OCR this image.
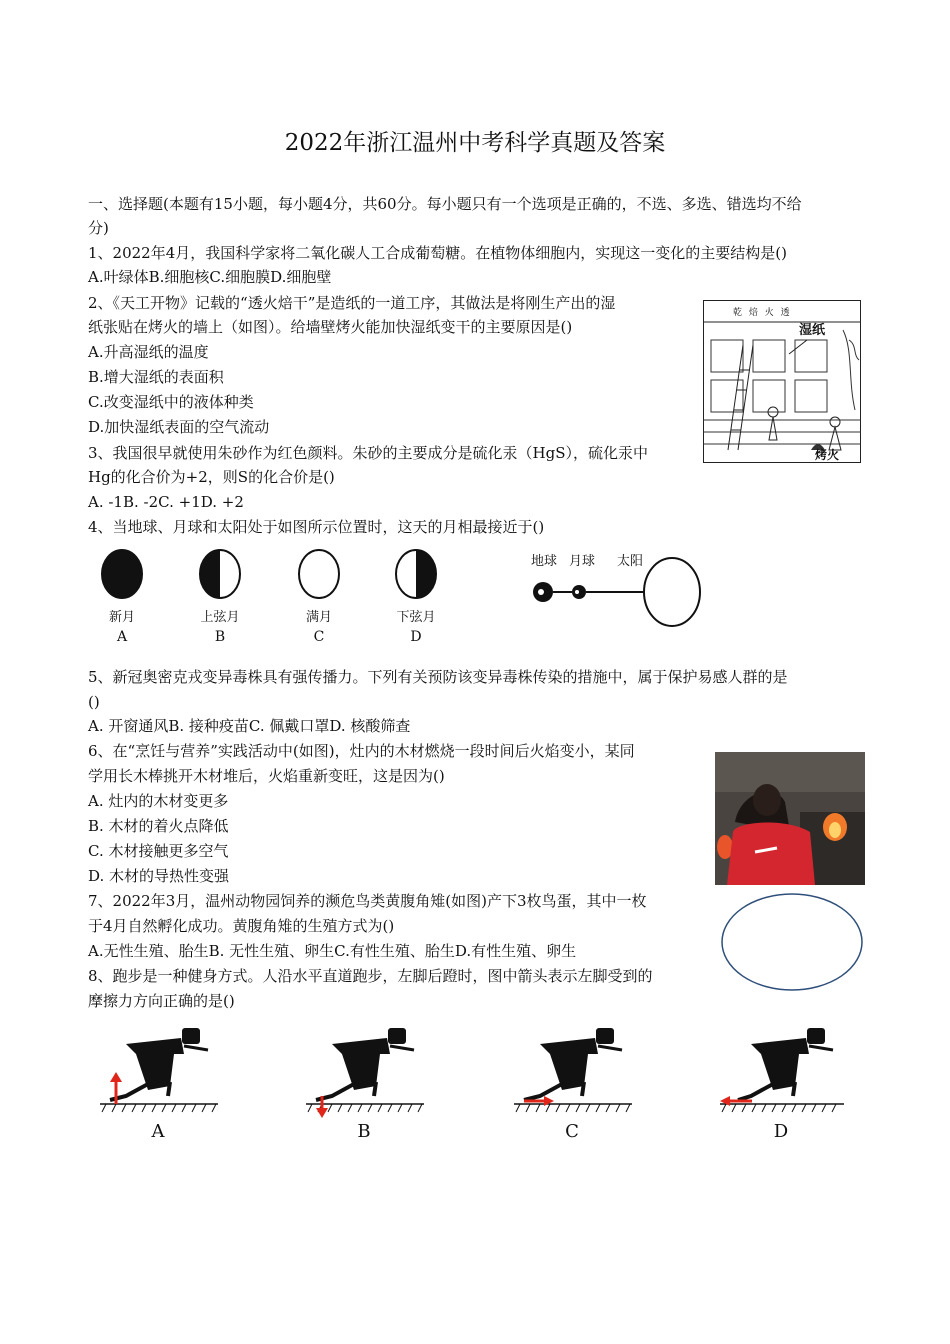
2022年浙江温州中考科学真题及答案
一、选择题(本题有15小题，每小题4分，共60分。每小题只有一个选项是正确的，不选、多选、错选均不给
分)
1、2022年4月，我国科学家将二氧化碳人工合成葡萄糖。在植物体细胞内，实现这一变化的主要结构是()
A.叶绿体B.细胞核C.细胞膜D.细胞壁
2、《天工开物》记载的“透火焙干”是造纸的一道工序，其做法是将刚生产出的湿
纸张贴在烤火的墙上（如图）。给墙壁烤火能加快湿纸变干的主要原因是()
A.升高湿纸的温度
B.增大湿纸的表面积
C.改变湿纸中的液体种类
D.加快湿纸表面的空气流动
乾 焙 火 透
湿纸
烤火
3、我国很早就使用朱砂作为红色颜料。朱砂的主要成分是硫化汞（HgS），硫化汞中
Hg的化合价为+2，则S的化合价是()
A. -1B. -2C. +1D. +2
4、当地球、月球和太阳处于如图所示位置时，这天的月相最接近于()
新月	上弦月	满月	下弦月
A	B	C	D
地球 月球 太阳
5、新冠奥密克戎变异毒株具有强传播力。下列有关预防该变异毒株传染的措施中，属于保护易感人群的是
()
A. 开窗通风B. 接种疫苗C. 佩戴口罩D. 核酸筛查
6、在“烹饪与营养”实践活动中(如图)，灶内的木材燃烧一段时间后火焰变小，某同
学用长木棒挑开木材堆后，火焰重新变旺，这是因为()
A. 灶内的木材变更多
B. 木材的着火点降低
C. 木材接触更多空气
D. 木材的导热性变强
7、2022年3月，温州动物园饲养的濒危鸟类黄腹角雉(如图)产下3枚鸟蛋，其中一枚
于4月自然孵化成功。黄腹角雉的生殖方式为()
A.无性生殖、胎生B. 无性生殖、卵生C.有性生殖、胎生D.有性生殖、卵生
8、跑步是一种健身方式。人沿水平直道跑步，左脚后蹬时，图中箭头表示左脚受到的
摩擦力方向正确的是()
A	B	C	D
